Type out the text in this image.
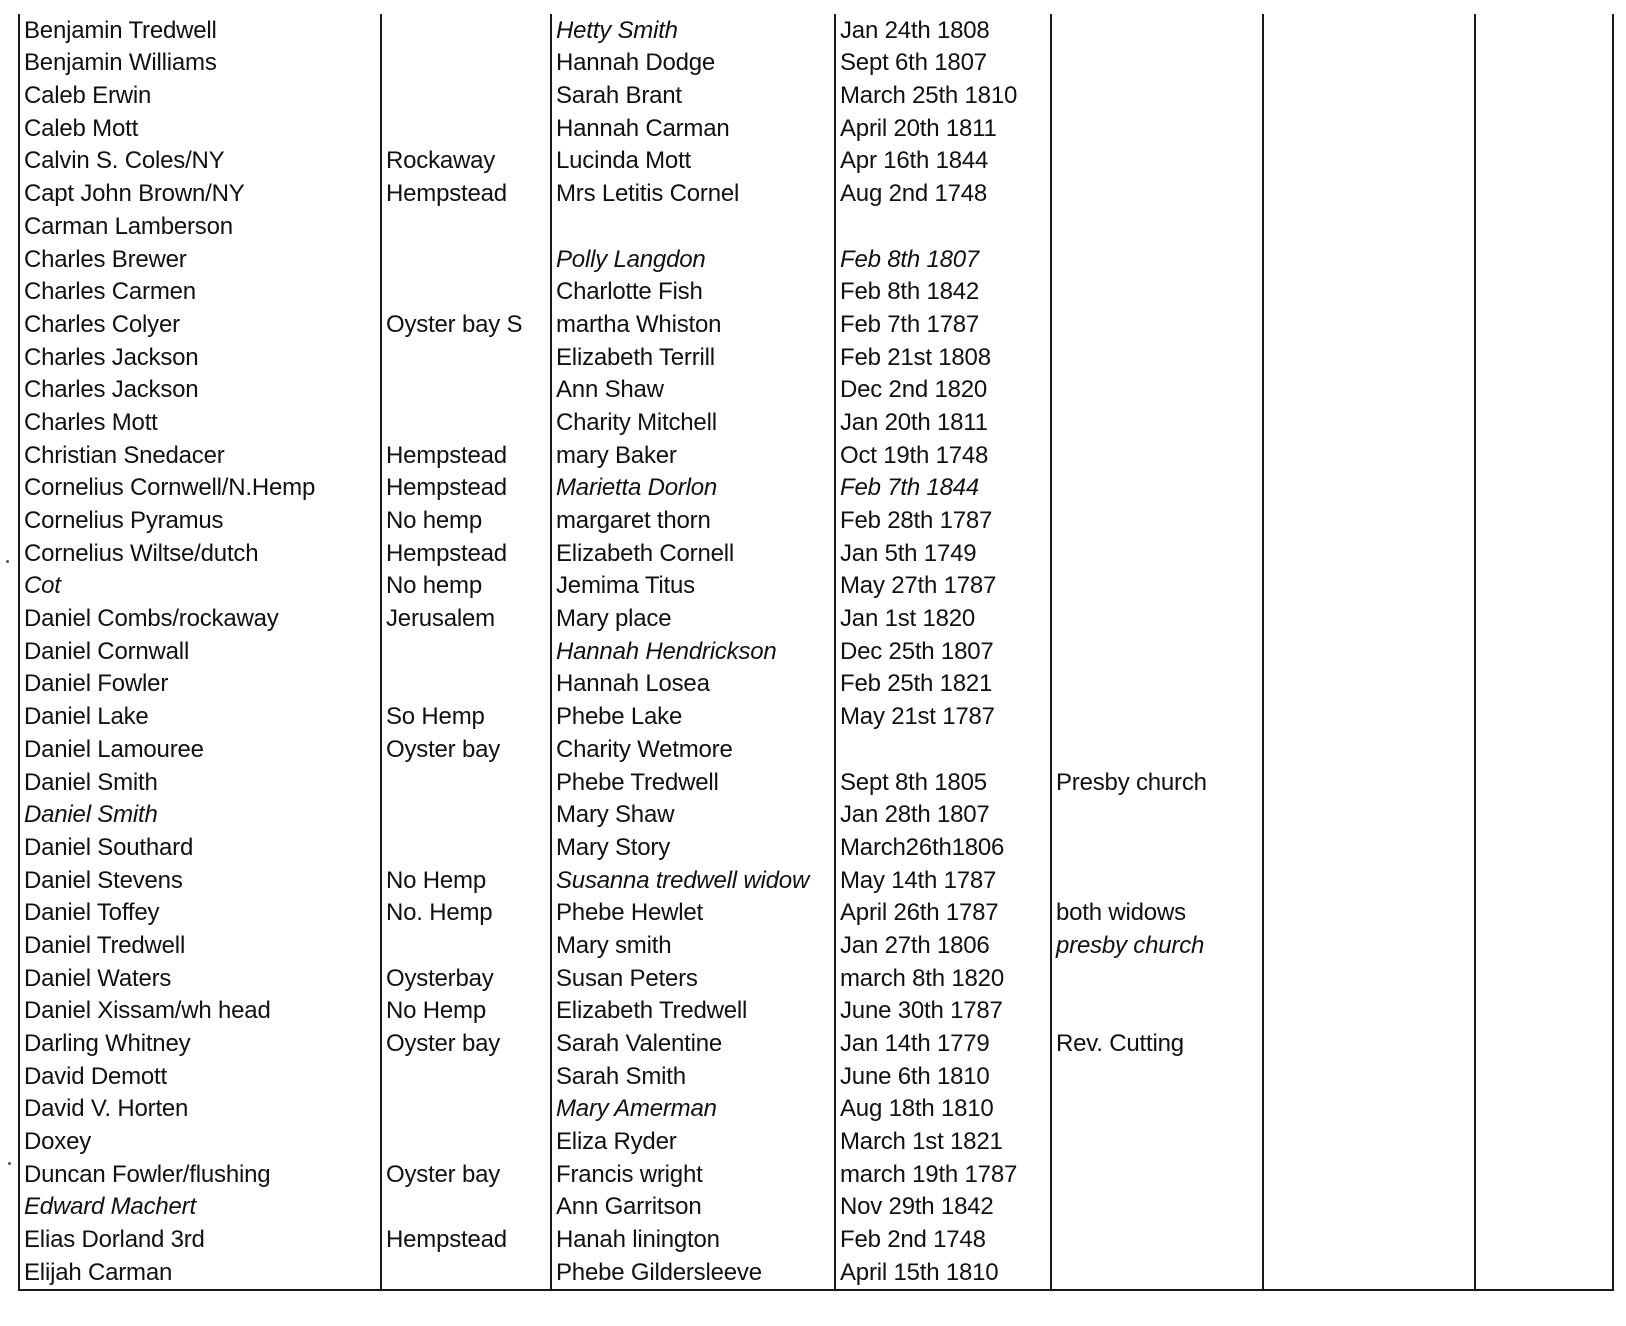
Benjamin Tredwell		Hetty Smith	Jan 24th 1808			
Benjamin Williams		Hannah Dodge	Sept 6th 1807			
Caleb Erwin		Sarah Brant	March 25th 1810			
Caleb Mott		Hannah Carman	April 20th 1811			
Calvin S. Coles/NY	Rockaway	Lucinda Mott	Apr 16th 1844			
Capt John Brown/NY	Hempstead	Mrs Letitis Cornel	Aug 2nd 1748			
Carman Lamberson						
Charles Brewer		Polly Langdon	Feb 8th 1807			
Charles Carmen		Charlotte Fish	Feb 8th 1842			
Charles Colyer	Oyster bay S	martha Whiston	Feb 7th 1787			
Charles Jackson		Elizabeth Terrill	Feb 21st 1808			
Charles Jackson		Ann Shaw	Dec 2nd 1820			
Charles Mott		Charity Mitchell	Jan 20th 1811			
Christian Snedacer	Hempstead	mary Baker	Oct 19th 1748			
Cornelius Cornwell/N.Hemp	Hempstead	Marietta Dorlon	Feb 7th 1844			
Cornelius Pyramus	No hemp	margaret thorn	Feb 28th 1787			
Cornelius Wiltse/dutch	Hempstead	Elizabeth Cornell	Jan 5th 1749			
Cot	No hemp	Jemima Titus	May 27th 1787			
Daniel Combs/rockaway	Jerusalem	Mary place	Jan 1st 1820			
Daniel Cornwall		Hannah Hendrickson	Dec 25th 1807			
Daniel Fowler		Hannah Losea	Feb 25th 1821			
Daniel Lake	So Hemp	Phebe Lake	May 21st 1787			
Daniel Lamouree	Oyster bay	Charity Wetmore				
Daniel Smith		Phebe Tredwell	Sept 8th 1805	Presby church		
Daniel Smith		Mary Shaw	Jan 28th 1807			
Daniel Southard		Mary Story	March26th1806			
Daniel Stevens	No Hemp	Susanna tredwell widow	May 14th 1787			
Daniel Toffey	No. Hemp	Phebe Hewlet	April 26th 1787	both widows		
Daniel Tredwell		Mary smith	Jan 27th 1806	presby church		
Daniel Waters	Oysterbay	Susan Peters	march 8th 1820			
Daniel Xissam/wh head	No Hemp	Elizabeth Tredwell	June 30th 1787			
Darling Whitney	Oyster bay	Sarah Valentine	Jan 14th 1779	Rev. Cutting		
David Demott		Sarah Smith	June 6th 1810			
David V. Horten		Mary Amerman	Aug 18th 1810			
Doxey		Eliza Ryder	March 1st 1821			
Duncan Fowler/flushing	Oyster bay	Francis wright	march 19th 1787			
Edward Machert		Ann Garritson	Nov 29th 1842			
Elias Dorland 3rd	Hempstead	Hanah linington	Feb 2nd 1748			
Elijah Carman		Phebe Gildersleeve	April 15th 1810			
